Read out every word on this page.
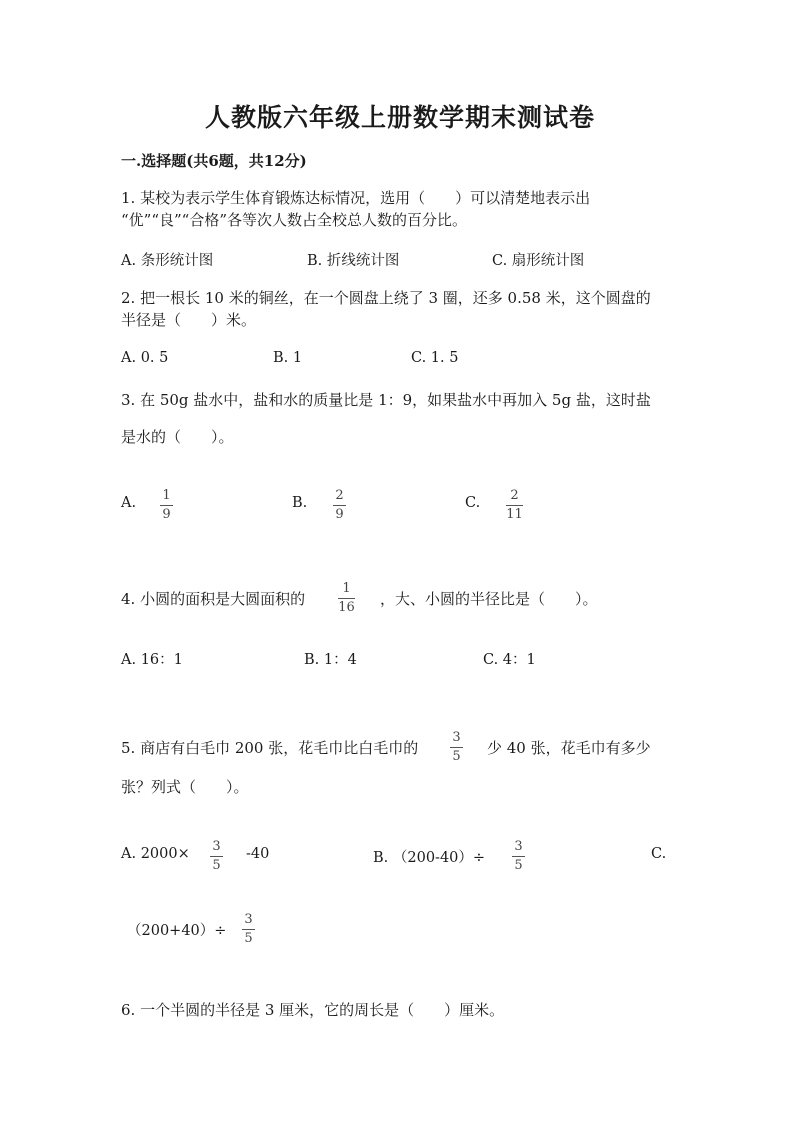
人教版六年级上册数学期末测试卷
一.选择题(共6题，共12分)
1. 某校为表示学生体育锻炼达标情况，选用（　　）可以清楚地表示出
“优”“良”“合格”各等次人数占全校总人数的百分比。
A. 条形统计图	B. 折线统计图	C. 扇形统计图
2. 把一根长 10 米的铜丝，在一个圆盘上绕了 3 圈，还多 0.58 米，这个圆盘的
半径是（　　）米。
A. 0. 5	B. 1	C. 1. 5
3. 在 50g 盐水中，盐和水的质量比是 1：9，如果盐水中再加入 5g 盐，这时盐
是水的（　　）。
A. 1
9
B. 2
9
C. 2
11
4. 小圆的面积是大圆面积的
1
16 ，大、小圆的半径比是（　　）。
A. 16：1	B. 1：4	C. 4：1
5. 商店有白毛巾 200 张，花毛巾比白毛巾的
3
5 少 40 张，花毛巾有多少
张？列式（　　）。
A. 2000× 3
5
-40	B. （200-40）÷
3
5
C.
（200+40）÷
3
5
6. 一个半圆的半径是 3 厘米，它的周长是（　　）厘米。
